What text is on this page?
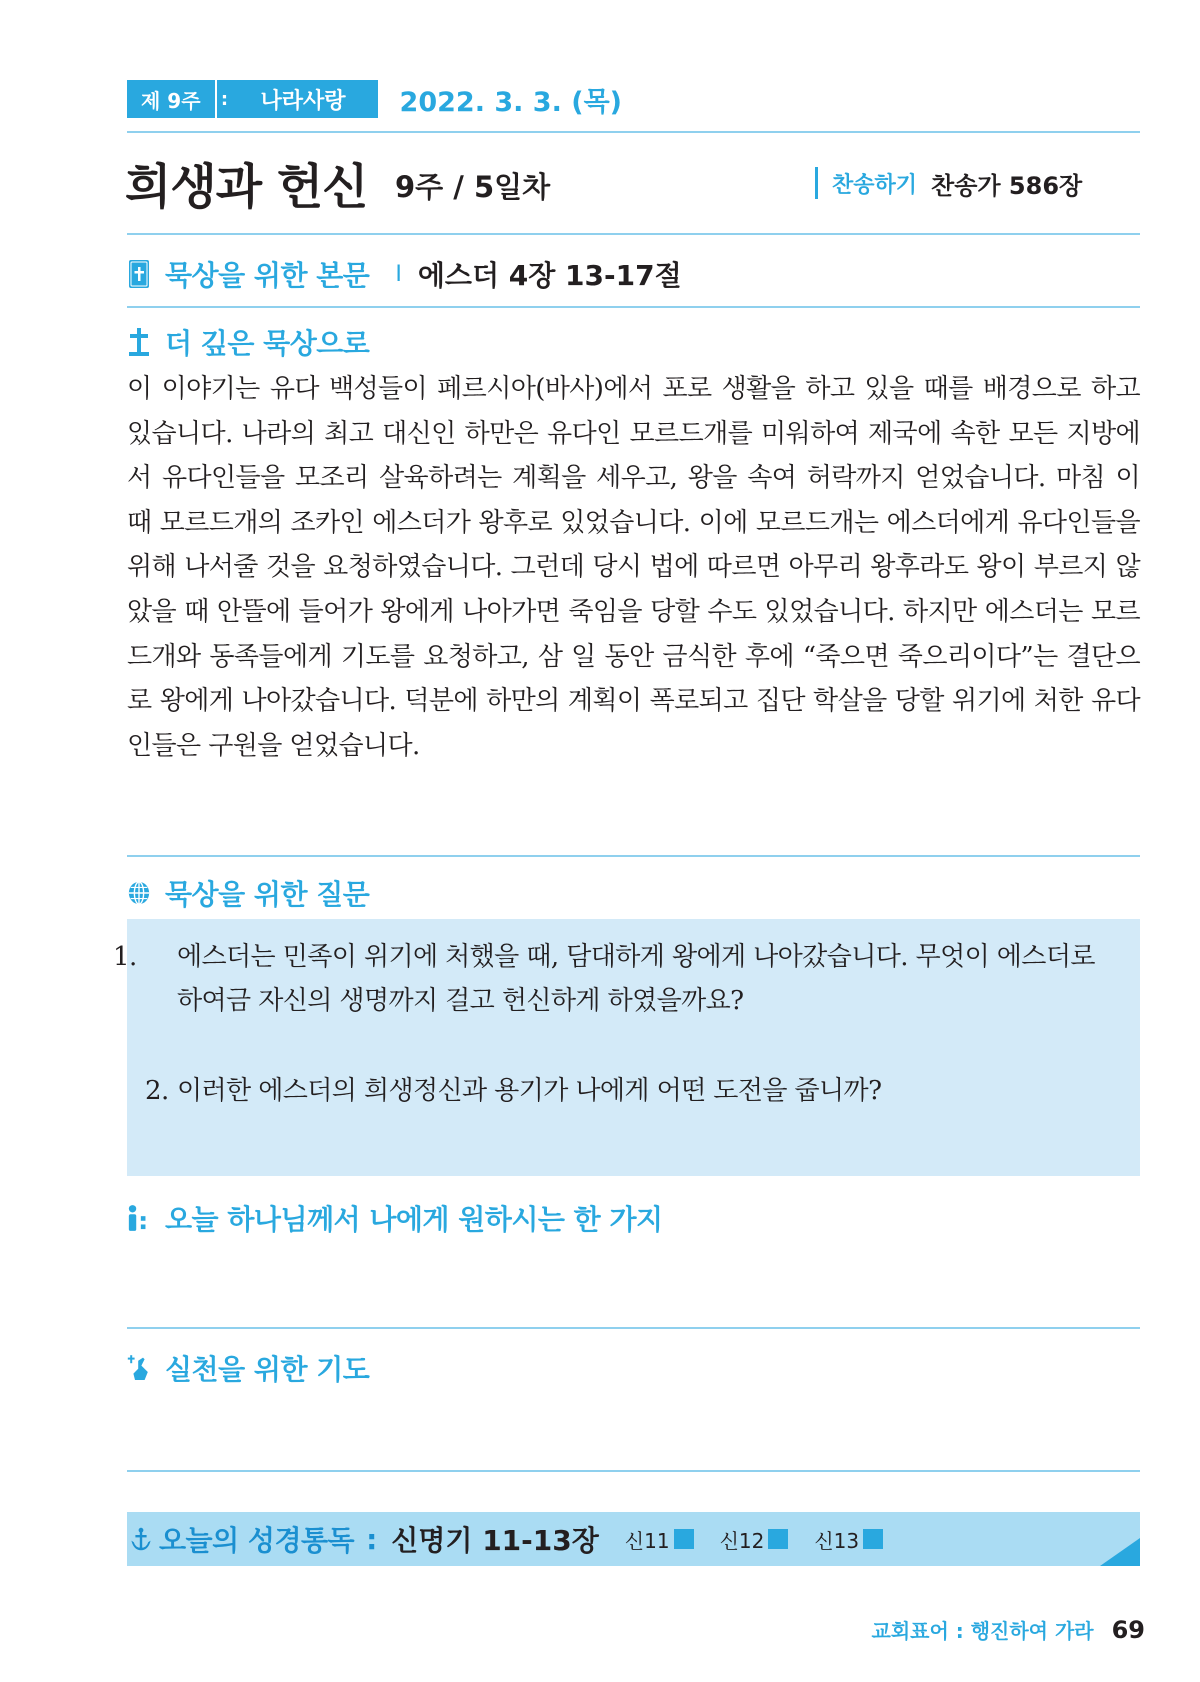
제 9주	:	나라사랑	2022. 3. 3. (목)
희생과 헌신 9주 / 5일차	찬송하기 찬송가 586장
묵상을 위한 본문 I 에스더 4장 13-17절
더 깊은 묵상으로
이 이야기는 유다 백성들이 페르시아(바사)에서 포로 생활을 하고 있을 때를 배경으로 하고 있습니다. 나라의 최고 대신인 하만은 유다인 모르드개를 미워하여 제국에 속한 모든 지방에서 유다인들을 모조리 살육하려는 계획을 세우고, 왕을 속여 허락까지 얻었습니다. 마침 이 때 모르드개의 조카인 에스더가 왕후로 있었습니다. 이에 모르드개는 에스더에게 유다인들을 위해 나서줄 것을 요청하였습니다. 그런데 당시 법에 따르면 아무리 왕후라도 왕이 부르지 않았을 때 안뜰에 들어가 왕에게 나아가면 죽임을 당할 수도 있었습니다. 하지만 에스더는 모르드개와 동족들에게 기도를 요청하고, 삼 일 동안 금식한 후에 “죽으면 죽으리이다”는 결단으로 왕에게 나아갔습니다. 덕분에 하만의 계획이 폭로되고 집단 학살을 당할 위기에 처한 유다인들은 구원을 얻었습니다.
묵상을 위한 질문
1. 에스더는 민족이 위기에 처했을 때, 담대하게 왕에게 나아갔습니다. 무엇이 에스더로 하여금 자신의 생명까지 걸고 헌신하게 하였을까요?
2. 이러한 에스더의 희생정신과 용기가 나에게 어떤 도전을 줍니까?
오늘 하나님께서 나에게 원하시는 한 가지
실천을 위한 기도
오늘의 성경통독 : 신명기 11-13장 신11	신12	신13
교회표어 : 행진하여 가라 69
